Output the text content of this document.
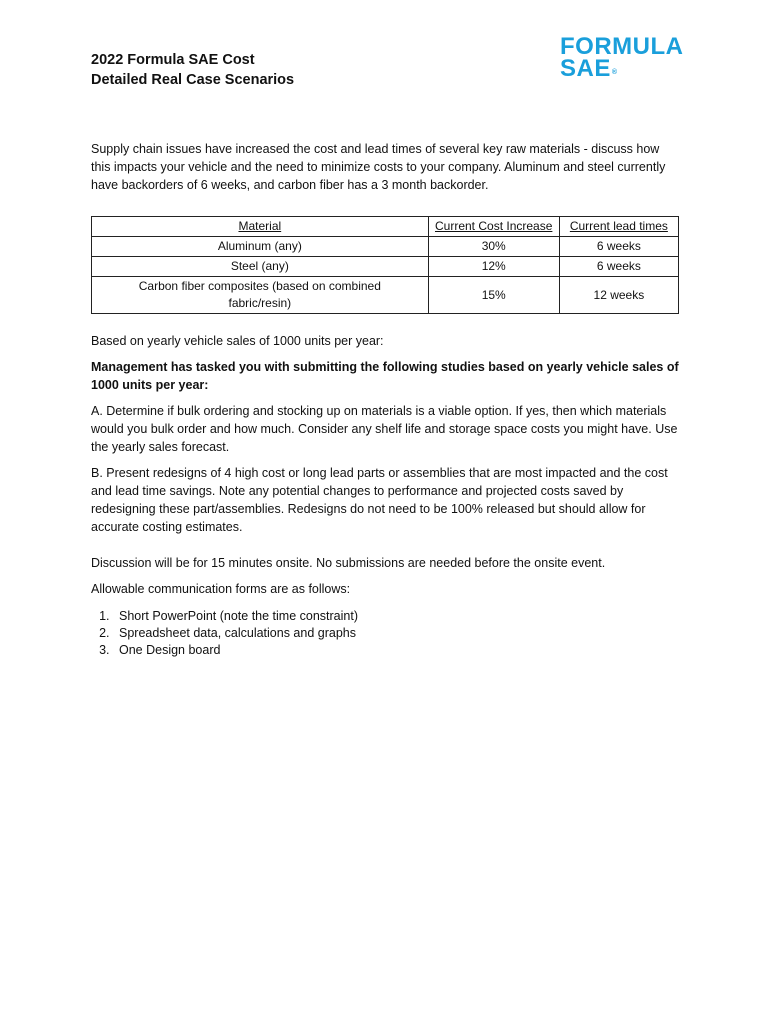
2022 Formula SAE Cost
Detailed Real Case Scenarios
FORMULA
SAE®

Supply chain issues have increased the cost and lead times of several key raw materials - discuss how this impacts your vehicle and the need to minimize costs to your company. Aluminum and steel currently have backorders of 6 weeks, and carbon fiber has a 3 month backorder.

Material	Current Cost Increase	Current lead times
Aluminum (any)	30%	6 weeks
Steel (any)	12%	6 weeks
Carbon fiber composites (based on combined fabric/resin)	15%	12 weeks

Based on yearly vehicle sales of 1000 units per year:

Management has tasked you with submitting the following studies based on yearly vehicle sales of 1000 units per year:

A. Determine if bulk ordering and stocking up on materials is a viable option. If yes, then which materials would you bulk order and how much. Consider any shelf life and storage space costs you might have. Use the yearly sales forecast.

B. Present redesigns of 4 high cost or long lead parts or assemblies that are most impacted and the cost and lead time savings. Note any potential changes to performance and projected costs saved by redesigning these part/assemblies. Redesigns do not need to be 100% released but should allow for accurate costing estimates.

Discussion will be for 15 minutes onsite. No submissions are needed before the onsite event.

Allowable communication forms are as follows:

1. Short PowerPoint (note the time constraint)
2. Spreadsheet data, calculations and graphs
3. One Design board
